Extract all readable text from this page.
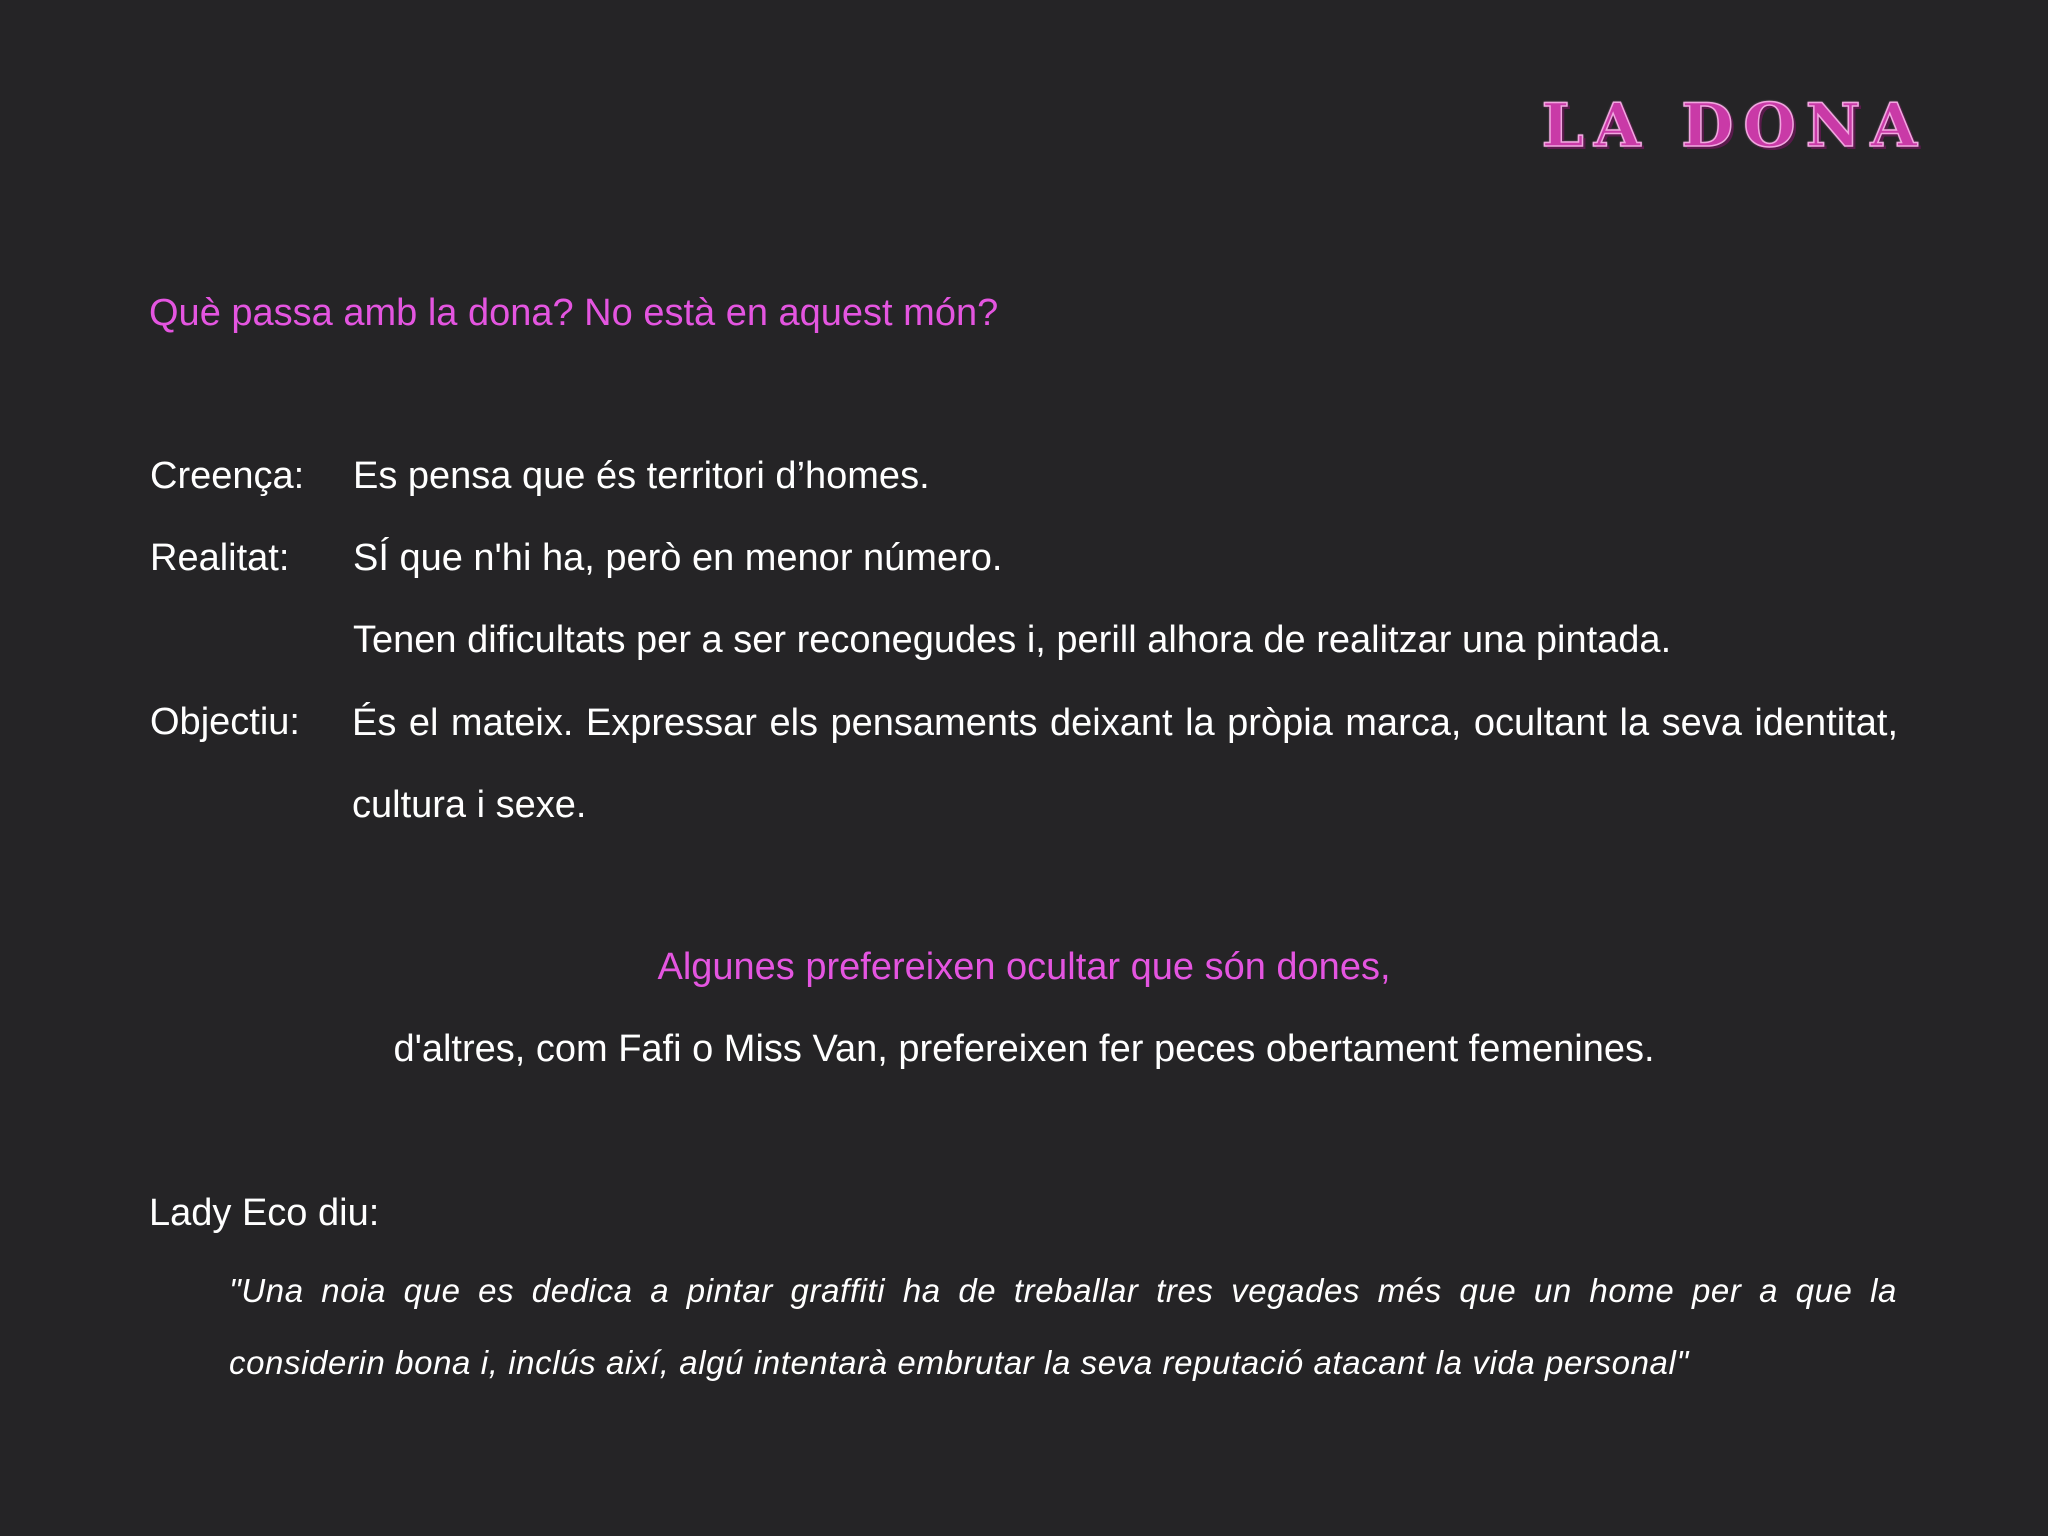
LA DONA
Què passa amb la dona? No està en aquest món?
Creença: Es pensa que és territori d’homes.
Realitat: SÍ que n'hi ha, però en menor número.
Tenen dificultats per a ser reconegudes i, perill alhora de realitzar una pintada.
Objectiu: És el mateix. Expressar els pensaments deixant la pròpia marca, ocultant la seva identitat, cultura i sexe.
Algunes prefereixen ocultar que són dones,
d'altres, com Fafi o Miss Van, prefereixen fer peces obertament femenines.
Lady Eco diu:
"Una noia que es dedica a pintar graffiti ha de treballar tres vegades més que un home per a que la considerin bona i, inclús així, algú intentarà embrutar la seva reputació atacant la vida personal"
